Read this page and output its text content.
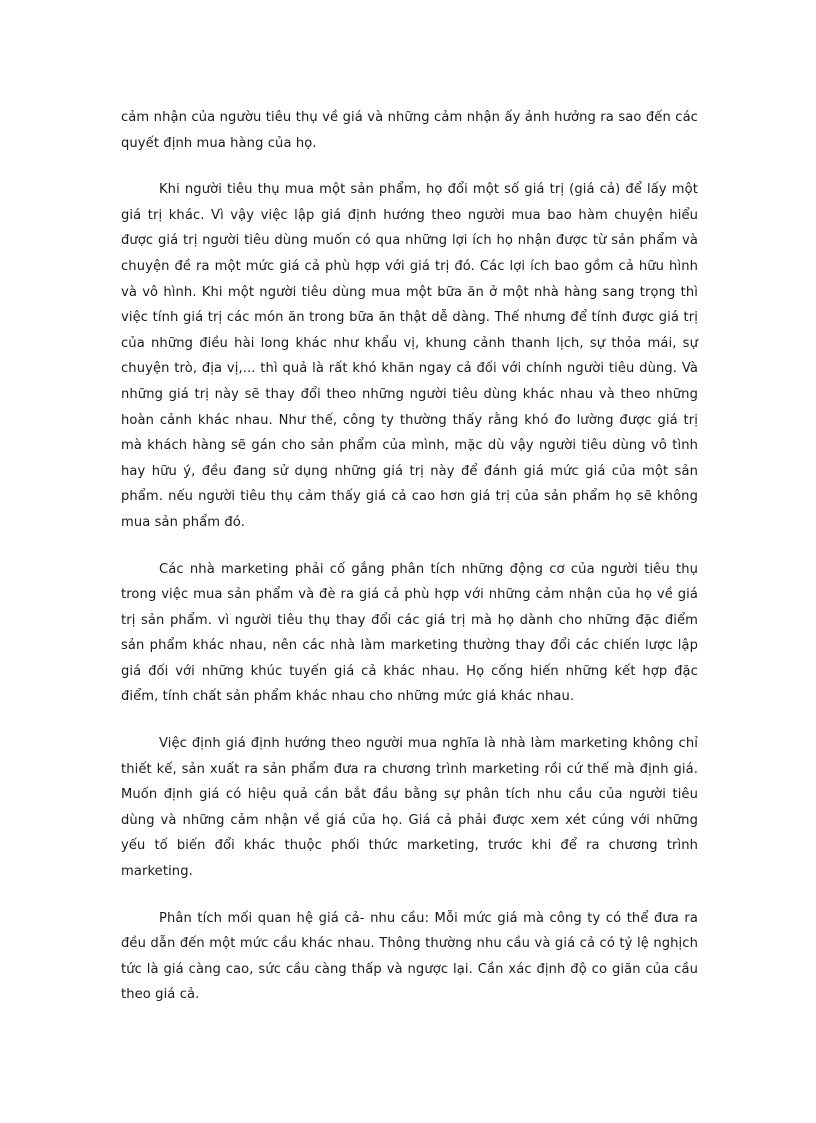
cảm nhận của ngườu tiêu thụ về giá và những cảm nhận ấy ảnh hưởng ra sao đến các quyết định mua hàng của họ.

Khi người tiêu thụ mua một sản phẩm, họ đổi một số giá trị (giá cả) để lấy một giá trị khác. Vì vậy việc lập giá định hướng theo người mua bao hàm chuyện hiểu được giá trị người tiêu dùng muốn có qua những lợi ích họ nhận được từ sản phẩm và chuyện đề ra một mức giá cả phù hợp với giá trị đó. Các lợi ích bao gồm cả hữu hình và vô hình. Khi một người tiêu dùng mua một bữa ăn ở một nhà hàng sang trọng thì việc tính giá trị các món ăn trong bữa ăn thật dễ dàng. Thế nhưng để tính được giá trị của những điều hài long khác như khẩu vị, khung cảnh thanh lịch, sự thỏa mái, sự chuyện trò, địa vị,... thì quả là rất khó khăn ngay cả đối với chính người tiêu dùng. Và những giá trị này sẽ thay đổi theo những người tiêu dùng khác nhau và theo những hoàn cảnh khác nhau. Như thế, công ty thường thấy rằng khó đo lường được giá trị mà khách hàng sẽ gán cho sản phẩm của mình, mặc dù vậy người tiêu dùng vô tình hay hữu ý, đều đang sử dụng những giá trị này để đánh giá mức giá của một sản phẩm. nếu người tiêu thụ cảm thấy giá cả cao hơn giá trị của sản phẩm họ sẽ không mua sản phẩm đó.

Các nhà marketing phải cố gắng phân tích những động cơ của người tiêu thụ trong việc mua sản phẩm và đè ra giá cả phù hợp với những cảm nhận của họ về giá trị sản phẩm. vì người tiêu thụ thay đổi các giá trị mà họ dành cho những đặc điểm sản phẩm khác nhau, nên các nhà làm marketing thường thay đổi các chiến lược lập giá đối với những khúc tuyến giá cả khác nhau. Họ cống hiến những kết hợp đặc điểm, tính chất sản phẩm khác nhau cho những mức giá khác nhau.

Việc định giá định hướng theo người mua nghĩa là nhà làm marketing không chỉ thiết kế, sản xuất ra sản phẩm đưa ra chương trình marketing rồi cứ thế mà định giá. Muốn định giá có hiệu quả cần bắt đầu bằng sự phân tích nhu cầu của người tiêu dùng và những cảm nhận về giá của họ. Giá cả phải được xem xét cúng với những yếu tố biến đổi khác thuộc phối thức marketing, trước khi để ra chương trình marketing.

Phân tích mối quan hệ giá cả- nhu cầu: Mỗi mức giá mà công ty có thể đưa ra đều dẫn đến một mức cầu khác nhau. Thông thường nhu cầu và giá cả có tỷ lệ nghịch tức là giá càng cao, sức cầu càng thấp và ngược lại. Cần xác định độ co giãn của cầu theo giá cả.
